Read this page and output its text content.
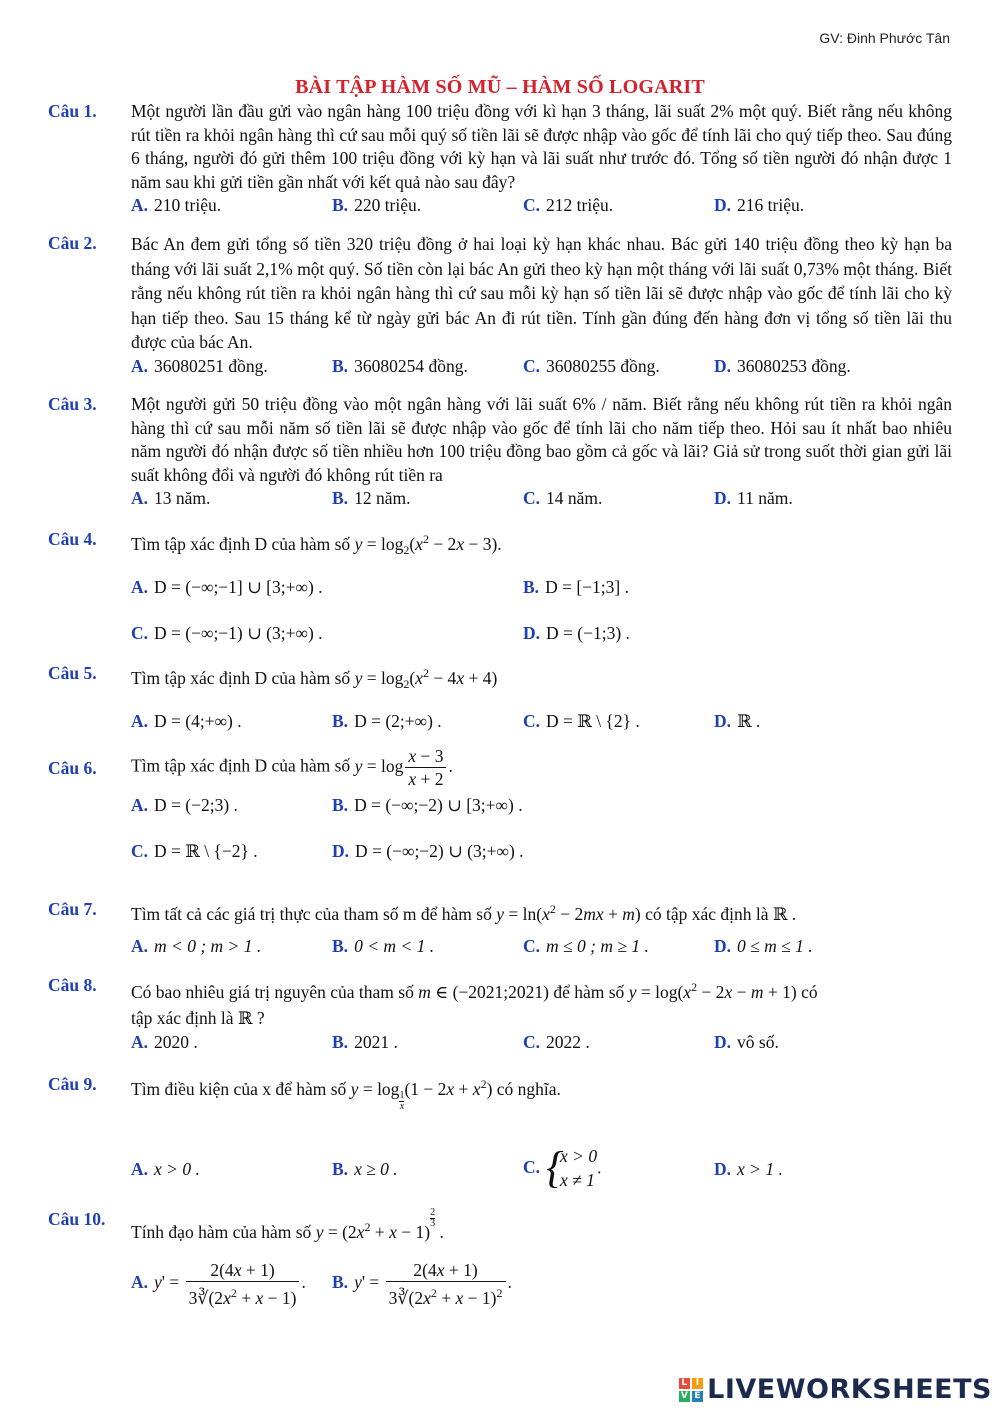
GV: Đinh Phước Tân
BÀI TẬP HÀM SỐ MŨ – HÀM SỐ LOGARIT
Câu 1. Một người lần đầu gửi vào ngân hàng 100 triệu đồng với kì hạn 3 tháng, lãi suất 2% một quý. Biết rằng nếu không rút tiền ra khỏi ngân hàng thì cứ sau mỗi quý số tiền lãi sẽ được nhập vào gốc để tính lãi cho quý tiếp theo. Sau đúng 6 tháng, người đó gửi thêm 100 triệu đồng với kỳ hạn và lãi suất như trước đó. Tổng số tiền người đó nhận được 1 năm sau khi gửi tiền gần nhất với kết quả nào sau đây?
A. 210 triệu.	B. 220 triệu.	C. 212 triệu.	D. 216 triệu.
Câu 2. Bác An đem gửi tổng số tiền 320 triệu đồng ở hai loại kỳ hạn khác nhau. Bác gửi 140 triệu đồng theo kỳ hạn ba tháng với lãi suất 2,1% một quý. Số tiền còn lại bác An gửi theo kỳ hạn một tháng với lãi suất 0,73% một tháng. Biết rằng nếu không rút tiền ra khỏi ngân hàng thì cứ sau mỗi kỳ hạn số tiền lãi sẽ được nhập vào gốc để tính lãi cho kỳ hạn tiếp theo. Sau 15 tháng kể từ ngày gửi bác An đi rút tiền. Tính gần đúng đến hàng đơn vị tổng số tiền lãi thu được của bác An.
A. 36080251 đồng.	B. 36080254 đồng.	C. 36080255 đồng.	D. 36080253 đồng.
Câu 3. Một người gửi 50 triệu đồng vào một ngân hàng với lãi suất 6% / năm. Biết rằng nếu không rút tiền ra khỏi ngân hàng thì cứ sau mỗi năm số tiền lãi sẽ được nhập vào gốc để tính lãi cho năm tiếp theo. Hỏi sau ít nhất bao nhiêu năm người đó nhận được số tiền nhiều hơn 100 triệu đồng bao gồm cả gốc và lãi? Giả sử trong suốt thời gian gửi lãi suất không đổi và người đó không rút tiền ra
A. 13 năm.	B. 12 năm.	C. 14 năm.	D. 11 năm.
Câu 4. Tìm tập xác định D của hàm số $y = \log_2(x^2 - 2x - 3)$.
A. D = (−∞;−1] ∪ [3;+∞) .	B. D = [−1;3] .
C. D = (−∞;−1) ∪ (3;+∞) .	D. D = (−1;3) .
Câu 5. Tìm tập xác định D của hàm số $y = \log_2(x^2 - 4x + 4)$
A. D = (4;+∞) .	B. D = (2;+∞) .	C. D = ℝ \ {2} .	D. ℝ .
Câu 6. Tìm tập xác định D của hàm số $y = \log \frac{x - 3}{x + 2}$ .
A. D = (−2;3) .	B. D = (−∞;−2) ∪ [3;+∞) .
C. D = ℝ \ {−2} .	D. D = (−∞;−2) ∪ (3;+∞) .
Câu 7. Tìm tất cả các giá trị thực của tham số m để hàm số $y = \ln(x^2 - 2mx + m)$ có tập xác định là ℝ .
A. m < 0 ; m > 1 .	B. 0 < m < 1 .	C. m ≤ 0 ; m ≥ 1 .	D. 0 ≤ m ≤ 1 .
Câu 8. Có bao nhiêu giá trị nguyên của tham số m ∈ (−2021;2021) để hàm số $y = \log(x^2 - 2x - m + 1)$ có
tập xác định là ℝ ?
A. 2020 .	B. 2021 .	C. 2022 .	D. vô số.
Câu 9. Tìm điều kiện của x để hàm số y = log
$\frac{1}{x}$
$(1 - 2x + x^2)$ có nghĩa.
A. x > 0 .	B. x ≥ 0 .	C.
{ x > 0
x ≠ 1
.	D. x > 1 .
Câu 10.
Tính đạo hàm của hàm số $y = (2x^2 + x - 1)$
$\frac{2}{3}$
.
A. $y' = \frac{2(4x + 1)}{3∛(2x^2 + x - 1)}$ . B. $y' = \frac{2(4x + 1)}{3∛(2x^2 + x - 1)^2}$ .
L I
V E LIVEWORKSHEETS
